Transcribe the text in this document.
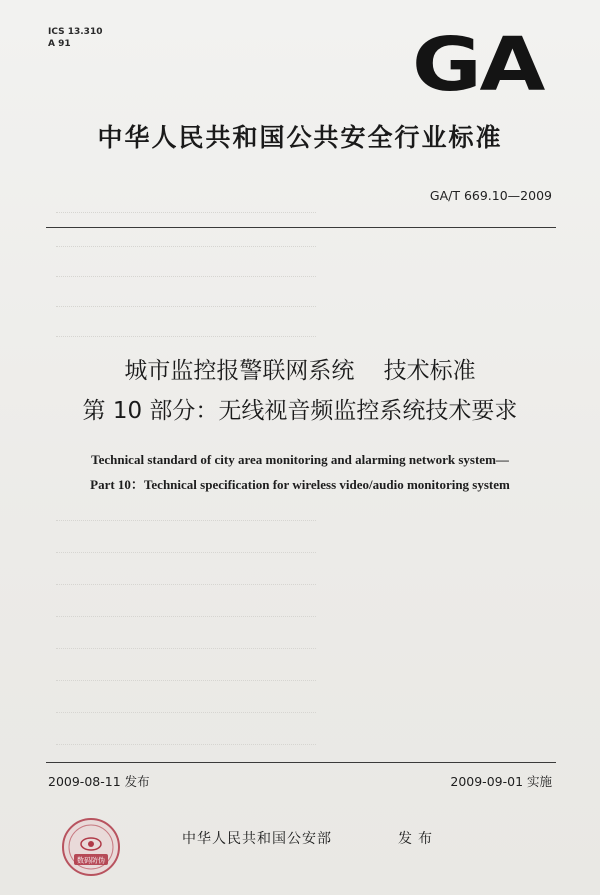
ICS 13.310
A 91	GA
中华人民共和国公共安全行业标准
GA/T 669.10—2009
城市监控报警联网系统    技术标准
第 10 部分：无线视音频监控系统技术要求
Technical standard of city area monitoring and alarming network system—
Part 10：Technical specification for wireless video/audio monitoring system
2009-08-11 发布	2009-09-01 实施
数码防伪
中华人民共和国公安部	发布
